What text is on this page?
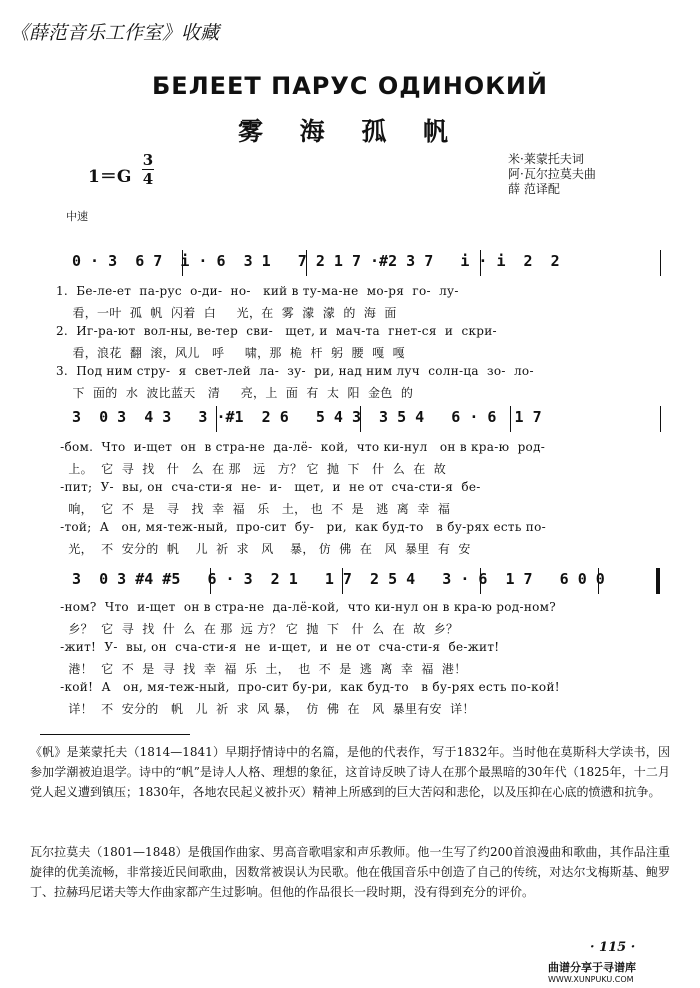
《薛范音乐工作室》收藏
БЕЛЕЕТ ПАРУС ОДИНОКИЙ
雾 海 孤 帆
1＝G
3
4
米·莱蒙托夫词
阿·瓦尔拉莫夫曲
薛 范译配
中速
0 · 3  6 7  i · 6  3 1   7 2 1 7 ·#2 3 7   i · i  2  2
1.  Бе-ле-ет  па-рус  о-ди-  но-   кий в ту-ма-не  мо-ря  го-  лу-
看，一叶  孤  帆  闪着  白     光，在  雾  濛  濛  的  海  面
2.  Иг-ра-ют  вол-ны, ве-тер  сви-   щет, и  мач-та  гнет-ся  и  скри-
看，浪花  翻  滚，风儿   呼     啸，那  桅  杆  躬  腰  嘎  嘎
3.  Под ним стру-  я  свет-лей  ла-  зу-  ри, над ним луч  солн-ца  зо-  ло-
下  面的  水  波比蓝天   清     亮，上  面  有  太  阳  金色  的
3  0 3  4 3   3 ·#1  2 6   5 4 3  3 5 4   6 · 6  1 7
-бом.  Что  и-щет  он  в стра-не  да-лё-  кой,  что ки-нул   он в кра-ю  род-
上。  它  寻  找   什   么  在 那   远   方？ 它  抛  下   什  么  在  故
-пит;  У-  вы, он  сча-сти-я  не-  и-   щет,  и  не от  сча-сти-я  бе-
响，  它  不  是   寻   找  幸  福   乐   土， 也  不  是   逃  离  幸  福
-той;  А   он, мя-теж-ный,  про-сит  бу-   ри,  как буд-то   в бу-рях есть по-
光，  不  安分的  帆    儿  祈  求   风    暴， 仿  佛  在   风  暴里  有  安
3  0 3 #4 #5   6 · 3  2 1   1 7  2 5 4   3 · 6  1 7   6 0 0
-ном?  Что  и-щет  он в стра-не  да-лё-кой,  что ки-нул он в кра-ю род-ном?
乡？  它  寻  找  什  么  在 那  远 方？ 它  抛  下   什  么  在  故  乡？
-жит!  У-  вы, он  сча-сти-я  не  и-щет,  и  не от  сча-сти-я  бе-жит!
港！  它  不  是  寻  找  幸  福  乐  土，  也  不  是  逃  离  幸  福  港！
-кой!  А   он, мя-теж-ный,  про-сит бу-ри,  как буд-то   в бу-рях есть по-кой!
详！  不  安分的   帆   儿  祈  求  风 暴，  仿  佛  在   风  暴里有安  详！
《帆》是莱蒙托夫（1814—1841）早期抒情诗中的名篇，是他的代表作，写于1832年。当时他在莫斯科大学读书，因参加学潮被迫退学。诗中的“帆”是诗人人格、理想的象征，这首诗反映了诗人在那个最黑暗的30年代（1825年，十二月党人起义遭到镇压；1830年，各地农民起义被扑灭）精神上所感到的巨大苦闷和悲伦，以及压抑在心底的愤懑和抗争。
瓦尔拉莫夫（1801—1848）是俄国作曲家、男高音歌唱家和声乐教师。他一生写了约200首浪漫曲和歌曲，其作品注重旋律的优美流畅，非常接近民间歌曲，因数常被误认为民歌。他在俄国音乐中创造了自己的传统，对达尔戈梅斯基、鲍罗丁、拉赫玛尼诺夫等大作曲家都产生过影响。但他的作品很长一段时期，没有得到充分的评价。
· 115 ·
曲谱分享于寻谱库
WWW.XUNPUKU.COM
